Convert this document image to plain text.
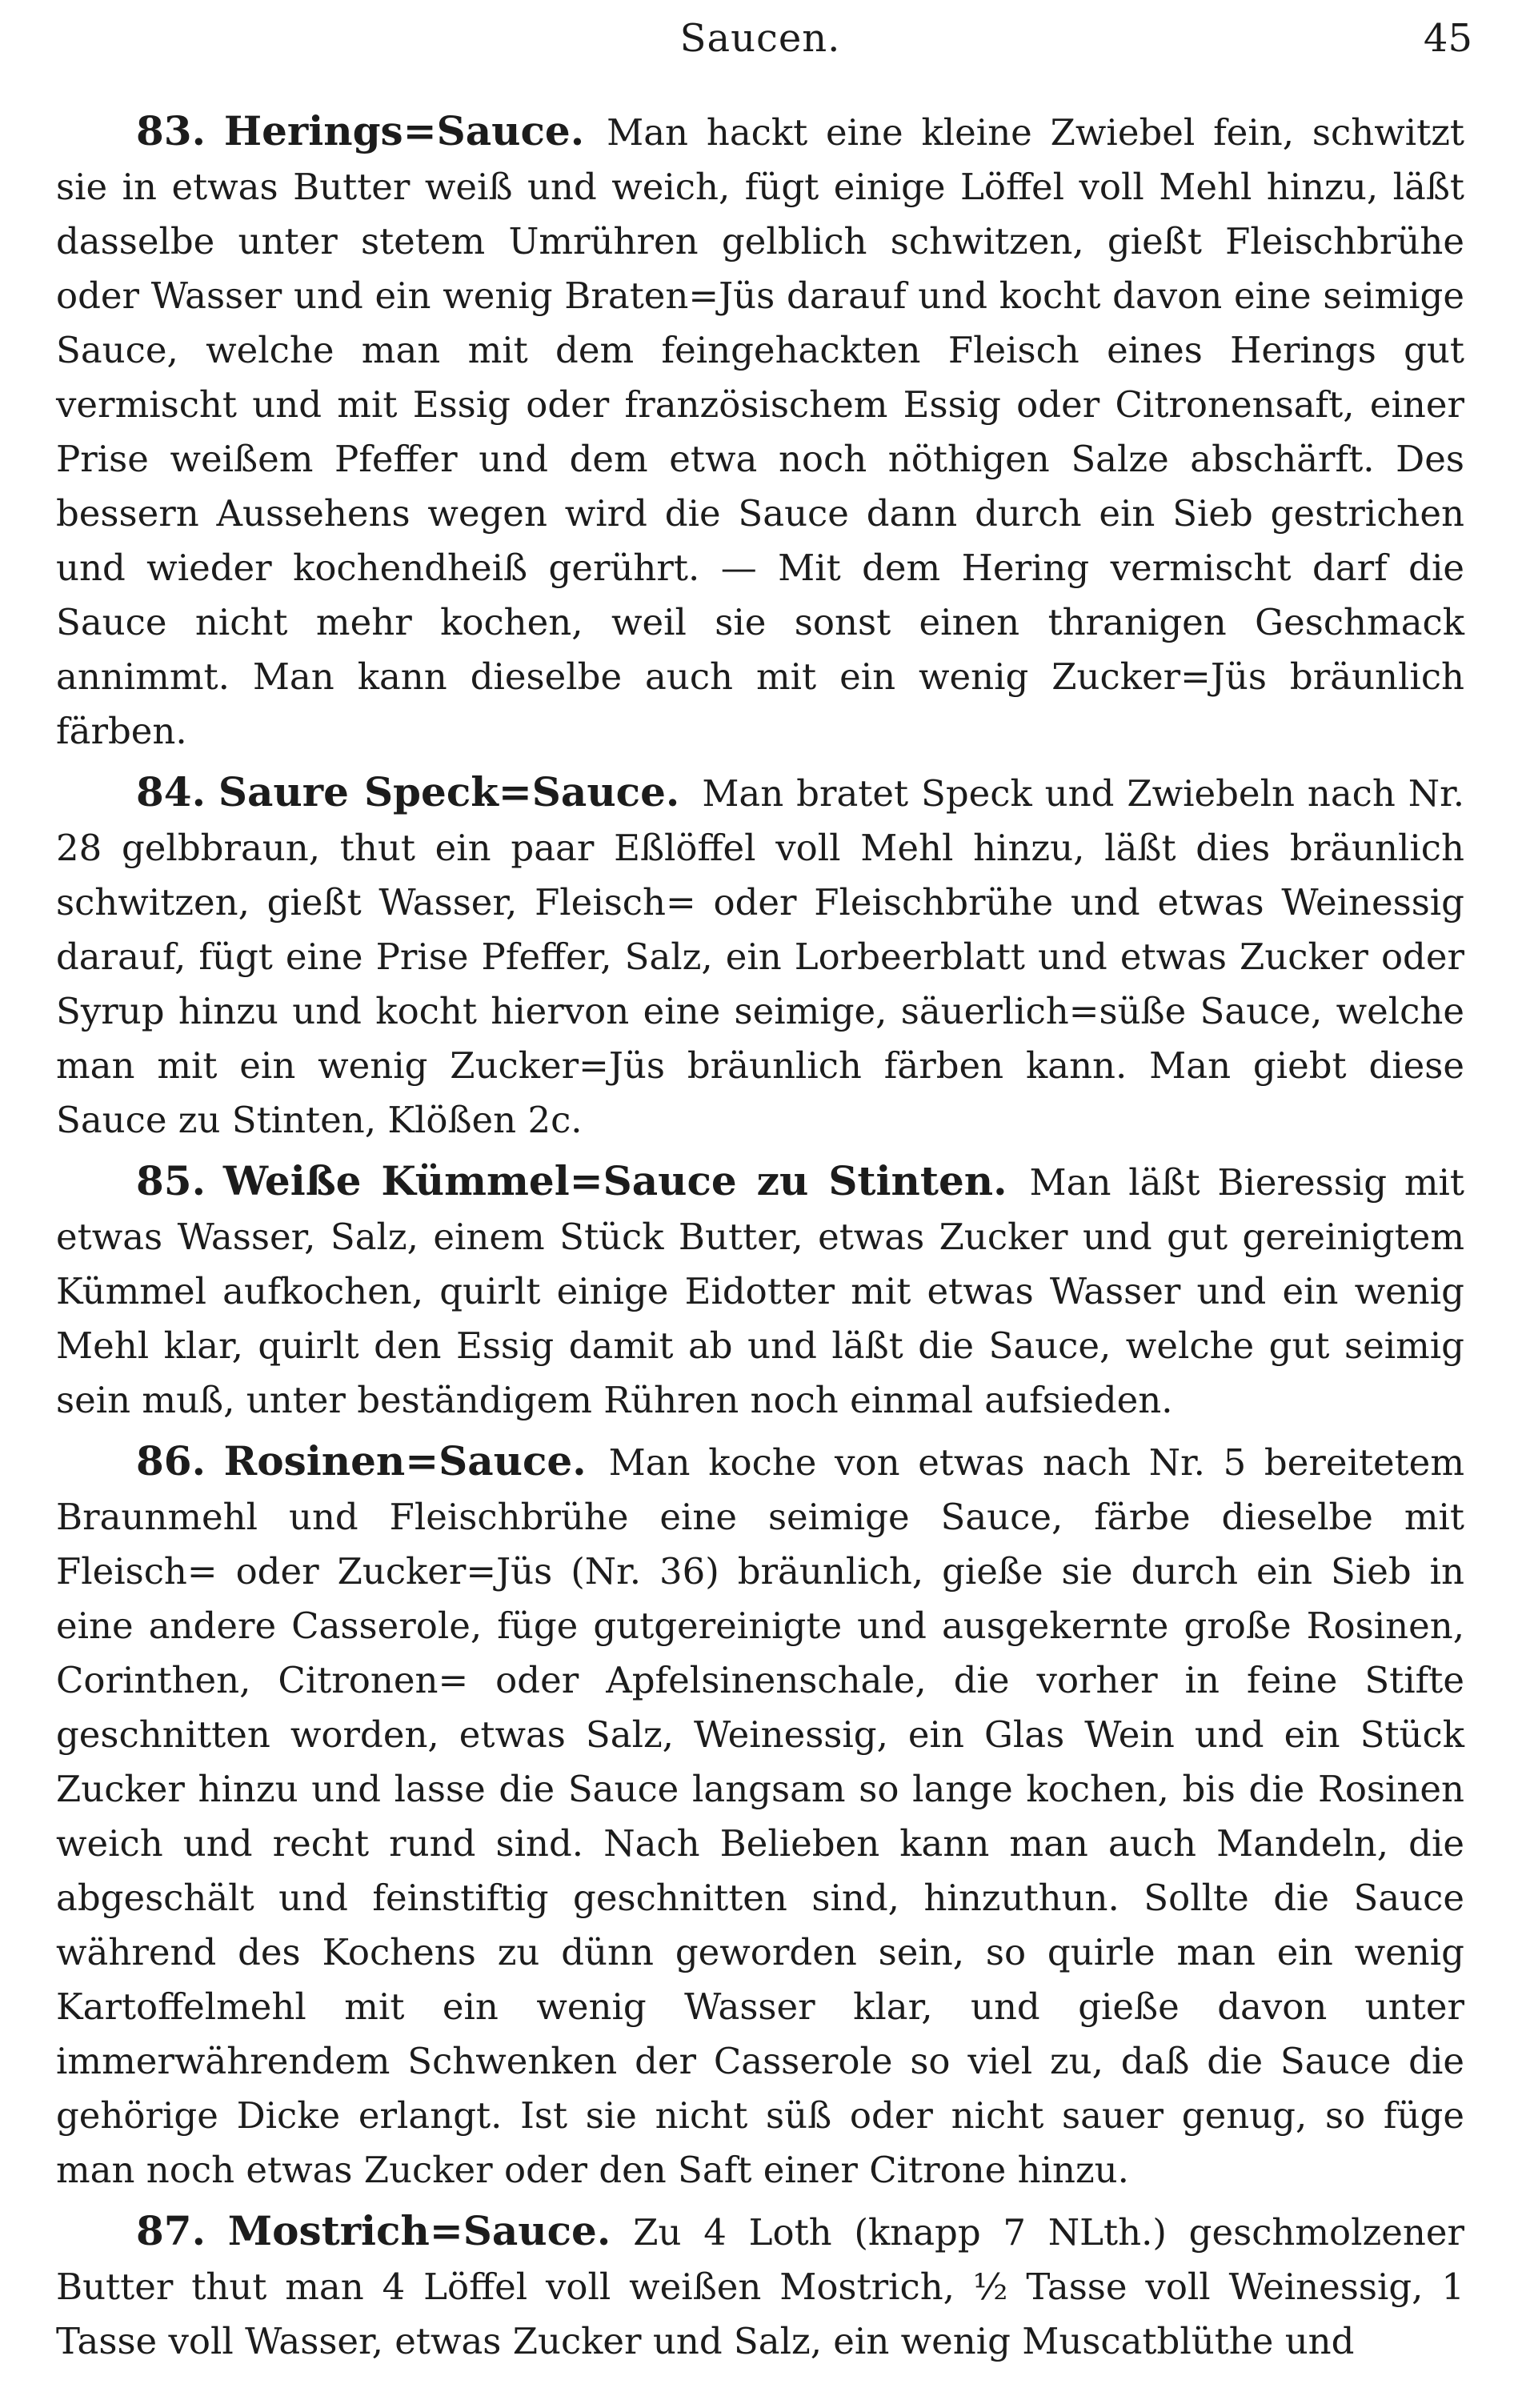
Saucen.	45

83. Herings=Sauce. Man hackt eine kleine Zwiebel fein, schwitzt sie in etwas Butter weiß und weich, fügt einige Löffel voll Mehl hinzu, läßt dasselbe unter stetem Umrühren gelblich schwitzen, gießt Fleischbrühe oder Wasser und ein wenig Braten=Jüs darauf und kocht davon eine seimige Sauce, welche man mit dem feingehackten Fleisch eines Herings gut vermischt und mit Essig oder französischem Essig oder Citronensaft, einer Prise weißem Pfeffer und dem etwa noch nöthigen Salze abschärft. Des bessern Aussehens wegen wird die Sauce dann durch ein Sieb gestrichen und wieder kochendheiß gerührt. — Mit dem Hering vermischt darf die Sauce nicht mehr kochen, weil sie sonst einen thranigen Geschmack annimmt. Man kann dieselbe auch mit ein wenig Zucker=Jüs bräunlich färben.

84. Saure Speck=Sauce. Man bratet Speck und Zwiebeln nach Nr. 28 gelbbraun, thut ein paar Eßlöffel voll Mehl hinzu, läßt dies bräunlich schwitzen, gießt Wasser, Fleisch= oder Fleischbrühe und etwas Weinessig darauf, fügt eine Prise Pfeffer, Salz, ein Lorbeerblatt und etwas Zucker oder Syrup hinzu und kocht hiervon eine seimige, säuerlich=süße Sauce, welche man mit ein wenig Zucker=Jüs bräunlich färben kann. Man giebt diese Sauce zu Stinten, Klößen 2c.

85. Weiße Kümmel=Sauce zu Stinten. Man läßt Bieressig mit etwas Wasser, Salz, einem Stück Butter, etwas Zucker und gut gereinigtem Kümmel aufkochen, quirlt einige Eidotter mit etwas Wasser und ein wenig Mehl klar, quirlt den Essig damit ab und läßt die Sauce, welche gut seimig sein muß, unter beständigem Rühren noch einmal aufsieden.

86. Rosinen=Sauce. Man koche von etwas nach Nr. 5 bereitetem Braunmehl und Fleischbrühe eine seimige Sauce, färbe dieselbe mit Fleisch= oder Zucker=Jüs (Nr. 36) bräunlich, gieße sie durch ein Sieb in eine andere Casserole, füge gutgereinigte und ausgekernte große Rosinen, Corinthen, Citronen= oder Apfelsinenschale, die vorher in feine Stifte geschnitten worden, etwas Salz, Weinessig, ein Glas Wein und ein Stück Zucker hinzu und lasse die Sauce langsam so lange kochen, bis die Rosinen weich und recht rund sind. Nach Belieben kann man auch Mandeln, die abgeschält und feinstiftig geschnitten sind, hinzuthun. Sollte die Sauce während des Kochens zu dünn geworden sein, so quirle man ein wenig Kartoffelmehl mit ein wenig Wasser klar, und gieße davon unter immerwährendem Schwenken der Casserole so viel zu, daß die Sauce die gehörige Dicke erlangt. Ist sie nicht süß oder nicht sauer genug, so füge man noch etwas Zucker oder den Saft einer Citrone hinzu.

87. Mostrich=Sauce. Zu 4 Loth (knapp 7 NLth.) geschmolzener Butter thut man 4 Löffel voll weißen Mostrich, ½ Tasse voll Weinessig, 1 Tasse voll Wasser, etwas Zucker und Salz, ein wenig Muscatblüthe und
